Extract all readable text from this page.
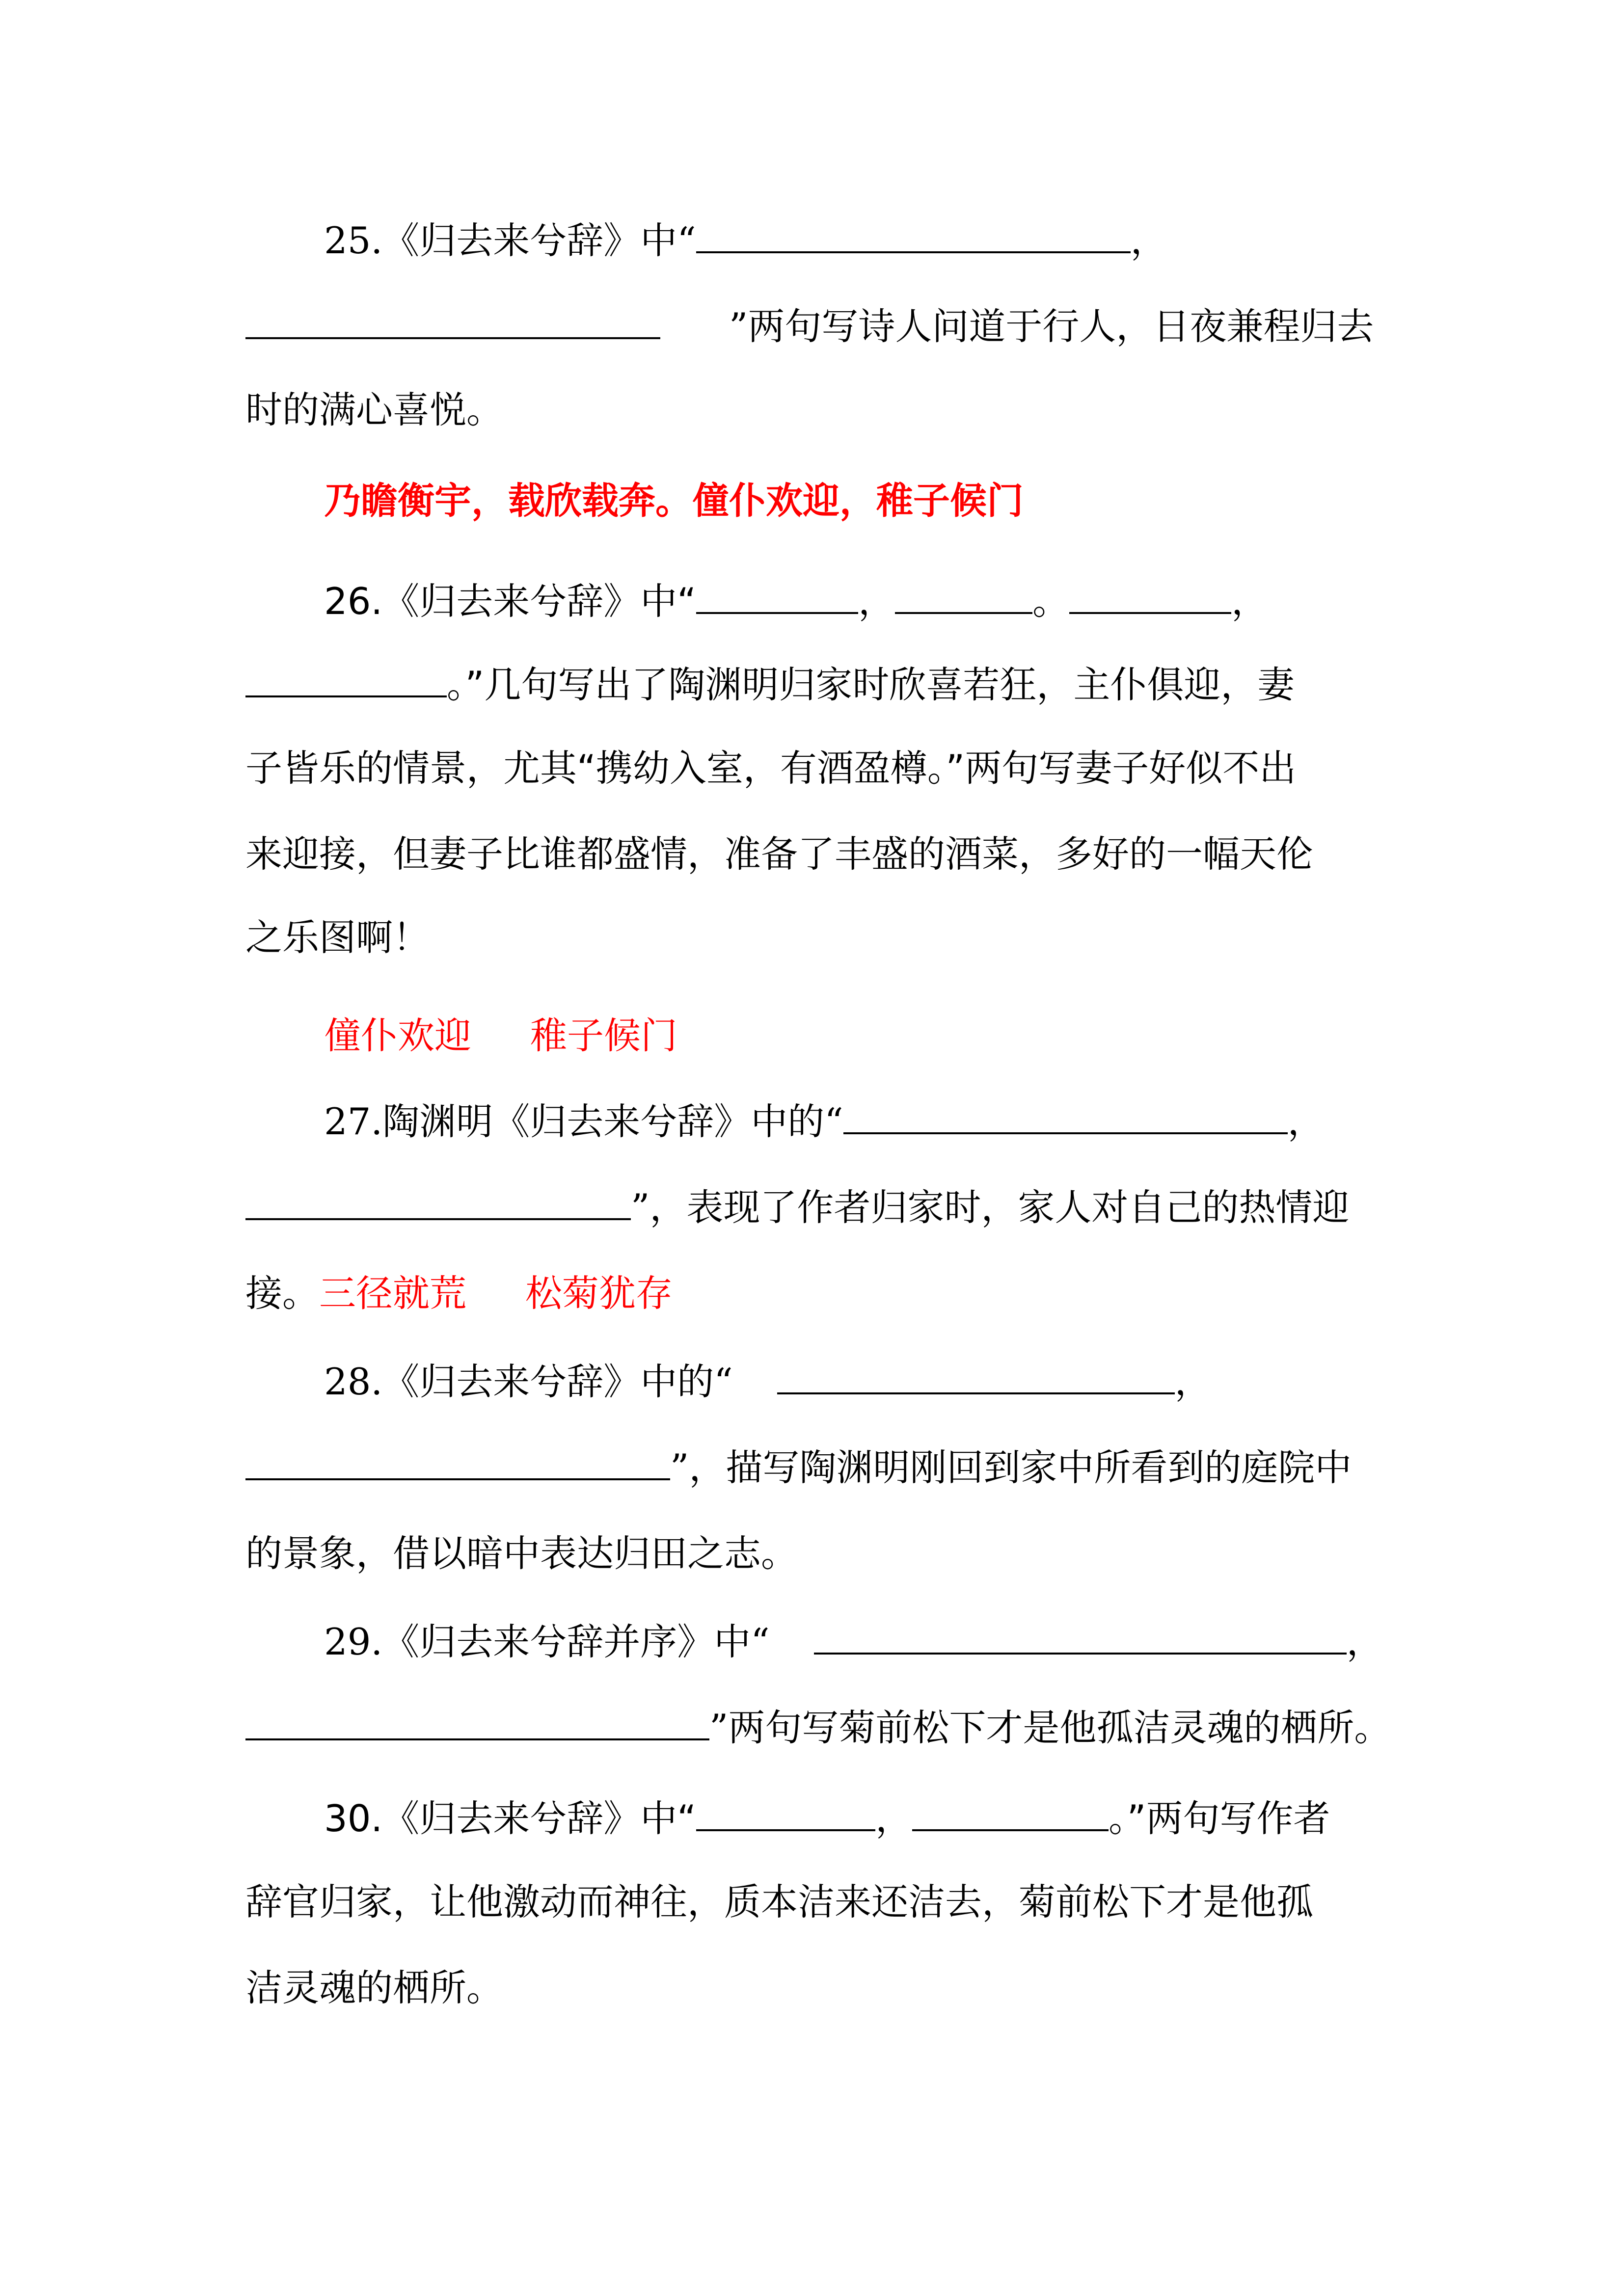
25.《归去来兮辞》中“	，
”两句写诗人问道于行人，日夜兼程归去
时的满心喜悦。
乃瞻衡宇，载欣载奔。僮仆欢迎，稚子候门
26.《归去来兮辞》中“	，	。	，
。”几句写出了陶渊明归家时欣喜若狂，主仆俱迎，妻
子皆乐的情景，尤其“携幼入室，有酒盈樽。”两句写妻子好似不出
来迎接，但妻子比谁都盛情，准备了丰盛的酒菜，多好的一幅天伦
之乐图啊！
僮仆欢迎 稚子候门
27.陶渊明《归去来兮辞》中的“	，
”，表现了作者归家时，家人对自己的热情迎
接。三径就荒 松菊犹存
28.《归去来兮辞》中的“	，
”，描写陶渊明刚回到家中所看到的庭院中
的景象，借以暗中表达归田之志。
29.《归去来兮辞并序》中“	，
”两句写菊前松下才是他孤洁灵魂的栖所。
30.《归去来兮辞》中“	，	。”两句写作者
辞官归家，让他激动而神往，质本洁来还洁去，菊前松下才是他孤
洁灵魂的栖所。
